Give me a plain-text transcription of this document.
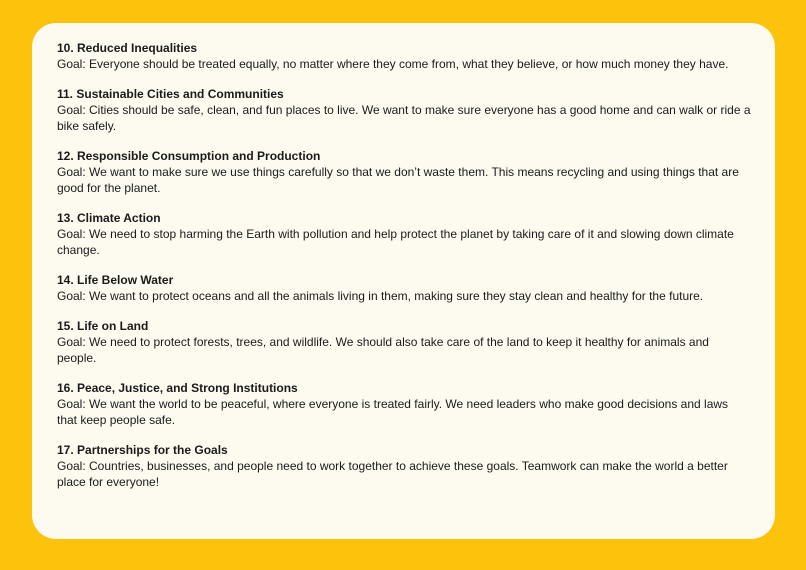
10. Reduced Inequalities

Goal: Everyone should be treated equally, no matter where they come from, what they believe, or how much money they have.

11. Sustainable Cities and Communities

Goal: Cities should be safe, clean, and fun places to live. We want to make sure everyone has a good home and can walk or ride a bike safely.

12. Responsible Consumption and Production

Goal: We want to make sure we use things carefully so that we don’t waste them. This means recycling and using things that are good for the planet.

13. Climate Action

Goal: We need to stop harming the Earth with pollution and help protect the planet by taking care of it and slowing down climate change.

14. Life Below Water

Goal: We want to protect oceans and all the animals living in them, making sure they stay clean and healthy for the future.

15. Life on Land

Goal: We need to protect forests, trees, and wildlife. We should also take care of the land to keep it healthy for animals and people.

16. Peace, Justice, and Strong Institutions

Goal: We want the world to be peaceful, where everyone is treated fairly. We need leaders who make good decisions and laws that keep people safe.

17. Partnerships for the Goals

Goal: Countries, businesses, and people need to work together to achieve these goals. Teamwork can make the world a better place for everyone!
